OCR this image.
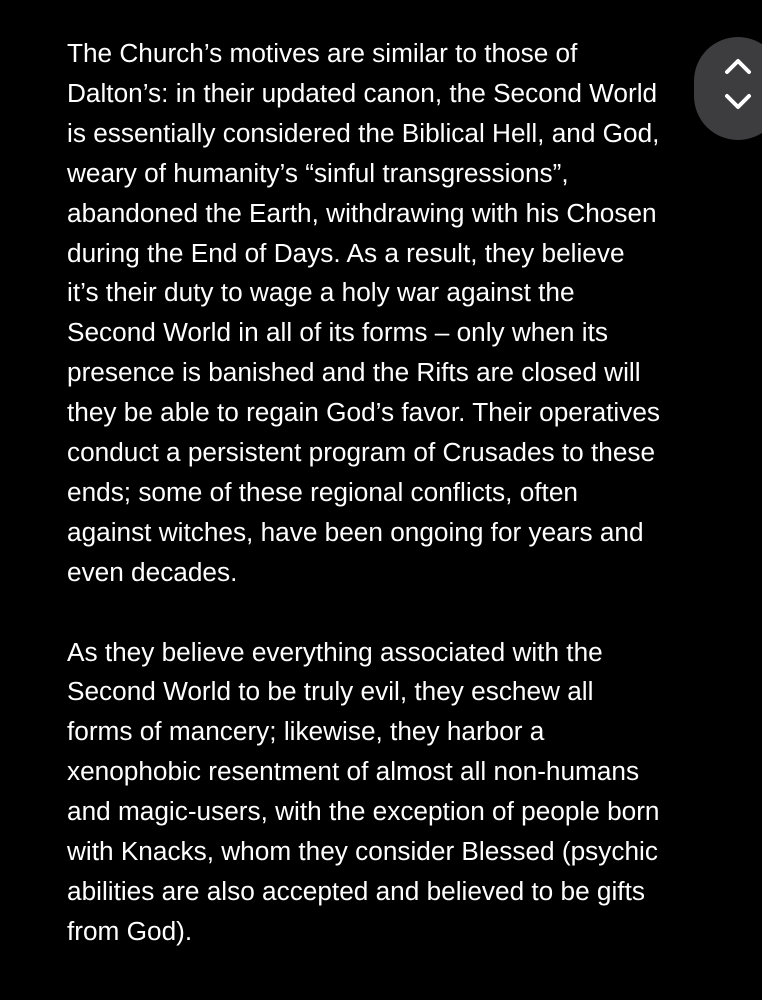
The Church’s motives are similar to those of
Dalton’s: in their updated canon, the Second World
is essentially considered the Biblical Hell, and God,
weary of humanity’s “sinful transgressions”,
abandoned the Earth, withdrawing with his Chosen
during the End of Days. As a result, they believe
it’s their duty to wage a holy war against the
Second World in all of its forms – only when its
presence is banished and the Rifts are closed will
they be able to regain God’s favor. Their operatives
conduct a persistent program of Crusades to these
ends; some of these regional conflicts, often
against witches, have been ongoing for years and
even decades.
As they believe everything associated with the
Second World to be truly evil, they eschew all
forms of mancery; likewise, they harbor a
xenophobic resentment of almost all non-humans
and magic-users, with the exception of people born
with Knacks, whom they consider Blessed (psychic
abilities are also accepted and believed to be gifts
from God).
